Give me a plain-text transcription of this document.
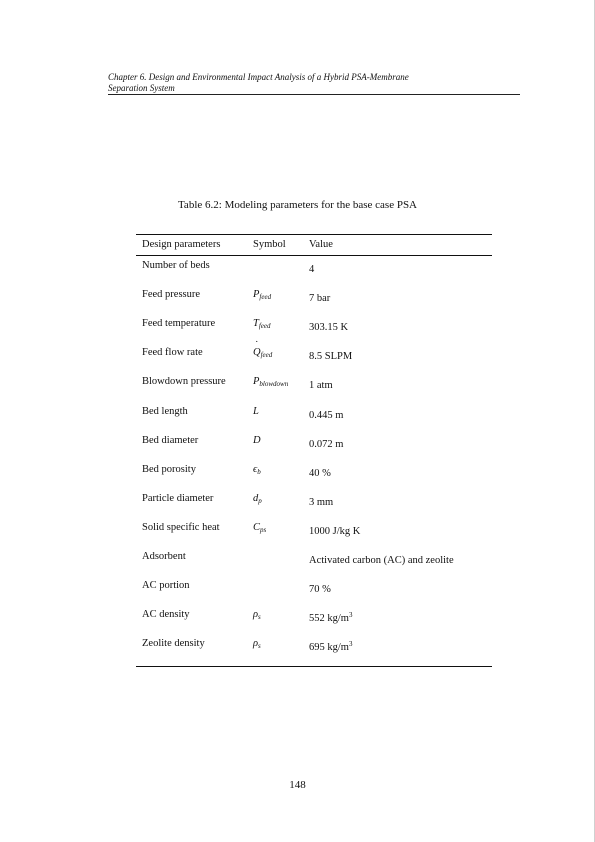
Chapter 6. Design and Environmental Impact Analysis of a Hybrid PSA-Membrane
Separation System
Table 6.2: Modeling parameters for the base case PSA
Design parameters	Symbol Value
Number of beds	4
Feed pressure	$P_{feed}$	7 bar
Feed temperature	$T_{feed}$	303.15 K
Feed flow rate
˙	$Q_{feed}$	8.5 SLPM
Blowdown pressure	$P_{blowdown}$ 1 atm
Bed length	L	0.445 m
Bed diameter	D	0.072 m
Bed porosity	$\epsilon_b$	40 %
Particle diameter	$d_p$	3 mm
Solid specific heat	$C_{ps}$	1000 J/kg K
Adsorbent	Activated carbon (AC) and zeolite
AC portion	70 %
AC density	$\rho_s$	552 $kg/m^3$
Zeolite density	$\rho_s$	695 $kg/m^3$
148
